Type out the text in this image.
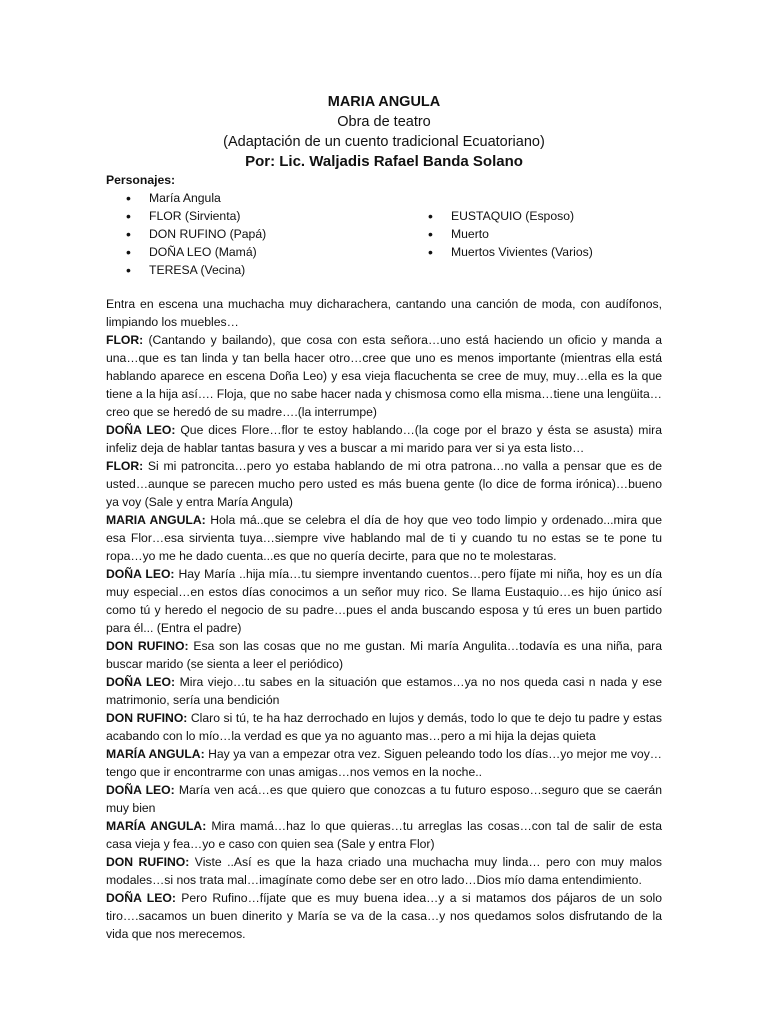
MARIA ANGULA
Obra de teatro
(Adaptación de un cuento tradicional Ecuatoriano)
Por: Lic. Waljadis Rafael Banda Solano
Personajes:
• María Angula
• FLOR (Sirvienta)
• DON RUFINO (Papá)
• DOÑA LEO (Mamá)
• TERESA (Vecina)
• EUSTAQUIO (Esposo)
• Muerto
• Muertos Vivientes (Varios)

Entra en escena una muchacha muy dicharachera, cantando una canción de moda, con audífonos, limpiando los muebles…

FLOR: (Cantando y bailando), que cosa con esta señora…uno está haciendo un oficio y manda a una…que es tan linda y tan bella hacer otro…cree que uno es menos importante (mientras ella está hablando aparece en escena Doña Leo) y esa vieja flacuchenta se cree de muy, muy…ella es la que tiene a la hija así…. Floja, que no sabe hacer nada y chismosa como ella misma…tiene una lengüita…creo que se heredó de su madre….(la interrumpe)

DOÑA LEO: Que dices Flore…flor te estoy hablando…(la coge por el brazo y ésta se asusta) mira infeliz deja de hablar tantas basura y ves a buscar a mi marido para ver si ya esta listo…

FLOR: Si mi patroncita…pero yo estaba hablando de mi otra patrona…no valla a pensar que es de usted…aunque se parecen mucho pero usted es más buena gente (lo dice de forma irónica)…bueno ya voy (Sale y entra María Angula)

MARIA ANGULA: Hola má..que se celebra el día de hoy que veo todo limpio y ordenado...mira que esa Flor…esa sirvienta tuya…siempre vive hablando mal de ti y cuando tu no estas se te pone tu ropa…yo me he dado cuenta...es que no quería decirte, para que no te molestaras.

DOÑA LEO: Hay María ..hija mía…tu siempre inventando cuentos…pero fíjate mi niña, hoy es un día muy especial…en estos días conocimos a un señor muy rico. Se llama Eustaquio…es hijo único así como tú y heredo el negocio de su padre…pues el anda buscando esposa y tú eres un buen partido para él... (Entra el padre)

DON RUFINO: Esa son las cosas que no me gustan. Mi maría Angulita…todavía es una niña, para buscar marido (se sienta a leer el periódico)

DOÑA LEO: Mira viejo…tu sabes en la situación que estamos…ya no nos queda casi n nada y ese matrimonio, sería una bendición

DON RUFINO: Claro si tú, te ha haz derrochado en lujos y demás, todo lo que te dejo tu padre y estas acabando con lo mío…la verdad es que ya no aguanto mas…pero a mi hija la dejas quieta

MARÍA ANGULA: Hay ya van a empezar otra vez. Siguen peleando todo los días…yo mejor me voy…tengo que ir encontrarme con unas amigas…nos vemos en la noche..

DOÑA LEO: María ven acá…es que quiero que conozcas a tu futuro esposo…seguro que se caerán muy bien

MARÍA ANGULA: Mira mamá…haz lo que quieras…tu arreglas las cosas…con tal de salir de esta casa vieja y fea…yo e caso con quien sea (Sale y entra Flor)

DON RUFINO: Viste ..Así es que la haza criado una muchacha muy linda… pero con muy malos modales…si nos trata mal…imagínate como debe ser en otro lado…Dios mío dama entendimiento.

DOÑA LEO: Pero Rufino…fíjate que es muy buena idea…y a si matamos dos pájaros de un solo tiro….sacamos un buen dinerito y María se va de la casa…y nos quedamos solos disfrutando de la vida que nos merecemos.
